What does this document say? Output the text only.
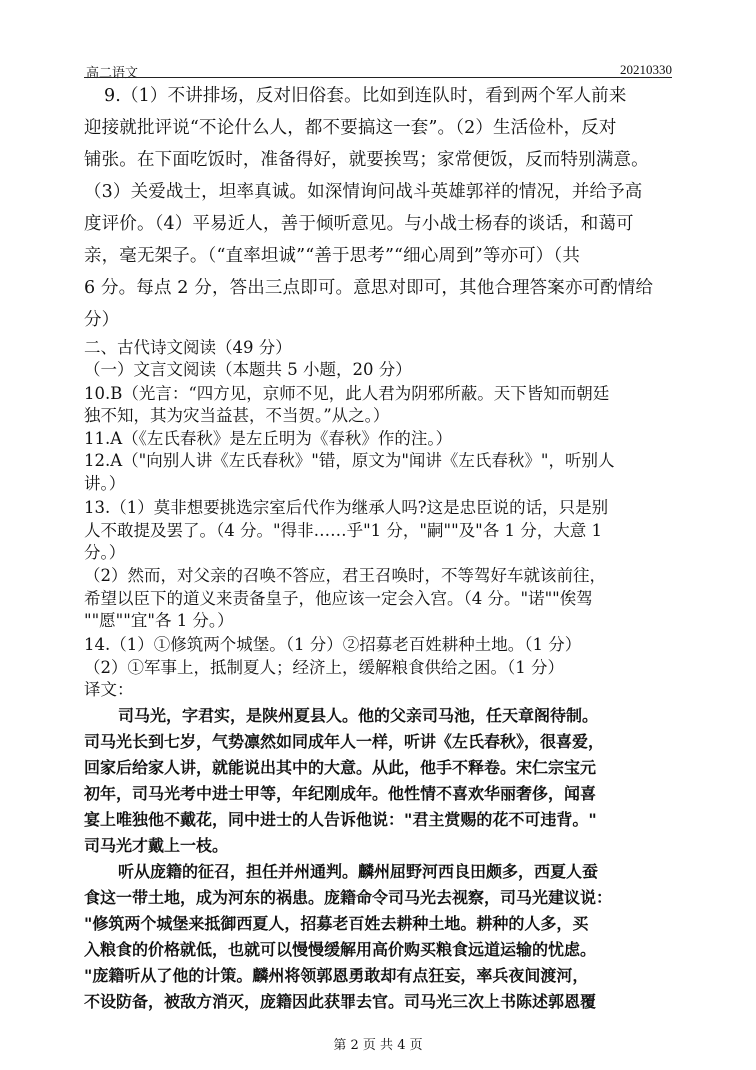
高二语文	20210330
9.（1）不讲排场，反对旧俗套。比如到连队时，看到两个军人前来
迎接就批评说“不论什么人，都不要搞这一套”。（2）生活俭朴，反对
铺张。在下面吃饭时，准备得好，就要挨骂；家常便饭，反而特别满意。
（3）关爱战士，坦率真诚。如深情询问战斗英雄郭祥的情况，并给予高
度评价。（4）平易近人，善于倾听意见。与小战士杨春的谈话，和蔼可
亲，毫无架子。（“直率坦诚”“善于思考”“细心周到”等亦可）（共
6 分。每点 2 分，答出三点即可。意思对即可，其他合理答案亦可酌情给
分）
二、古代诗文阅读（49 分）
（一）文言文阅读（本题共 5 小题，20 分）
10.B（光言：“四方见，京师不见，此人君为阴邪所蔽。天下皆知而朝廷
独不知，其为灾当益甚，不当贺。”从之。）
11.A（《左氏春秋》是左丘明为《春秋》作的注。）
12.A（"向别人讲《左氏春秋》"错，原文为"闻讲《左氏春秋》"，听别人
讲。）
13.（1）莫非想要挑选宗室后代作为继承人吗?这是忠臣说的话，只是别
人不敢提及罢了。（4 分。"得非……乎"1 分，"嗣""及"各 1 分，大意 1
分。）
（2）然而，对父亲的召唤不答应，君王召唤时，不等驾好车就该前往，
希望以臣下的道义来责备皇子，他应该一定会入宫。（4 分。"诺""俟驾
""愿""宜"各 1 分。）
14.（1）①修筑两个城堡。（1 分）②招募老百姓耕种土地。（1 分）
（2）①军事上，抵制夏人；经济上，缓解粮食供给之困。（1 分）
译文：
司马光，字君实，是陕州夏县人。他的父亲司马池，任天章阁待制。
司马光长到七岁，气势凛然如同成年人一样，听讲《左氏春秋》，很喜爱，
回家后给家人讲，就能说出其中的大意。从此，他手不释卷。宋仁宗宝元
初年，司马光考中进士甲等，年纪刚成年。他性情不喜欢华丽奢侈，闻喜
宴上唯独他不戴花，同中进士的人告诉他说："君主赏赐的花不可违背。"
司马光才戴上一枝。
听从庞籍的征召，担任并州通判。麟州屈野河西良田颇多，西夏人蚕
食这一带土地，成为河东的祸患。庞籍命令司马光去视察，司马光建议说：
"修筑两个城堡来抵御西夏人，招募老百姓去耕种土地。耕种的人多，买
入粮食的价格就低，也就可以慢慢缓解用高价购买粮食远道运输的忧虑。
"庞籍听从了他的计策。麟州将领郭恩勇敢却有点狂妄，率兵夜间渡河，
不设防备，被敌方消灭，庞籍因此获罪去官。司马光三次上书陈述郭恩覆
第 2 页 共 4 页
